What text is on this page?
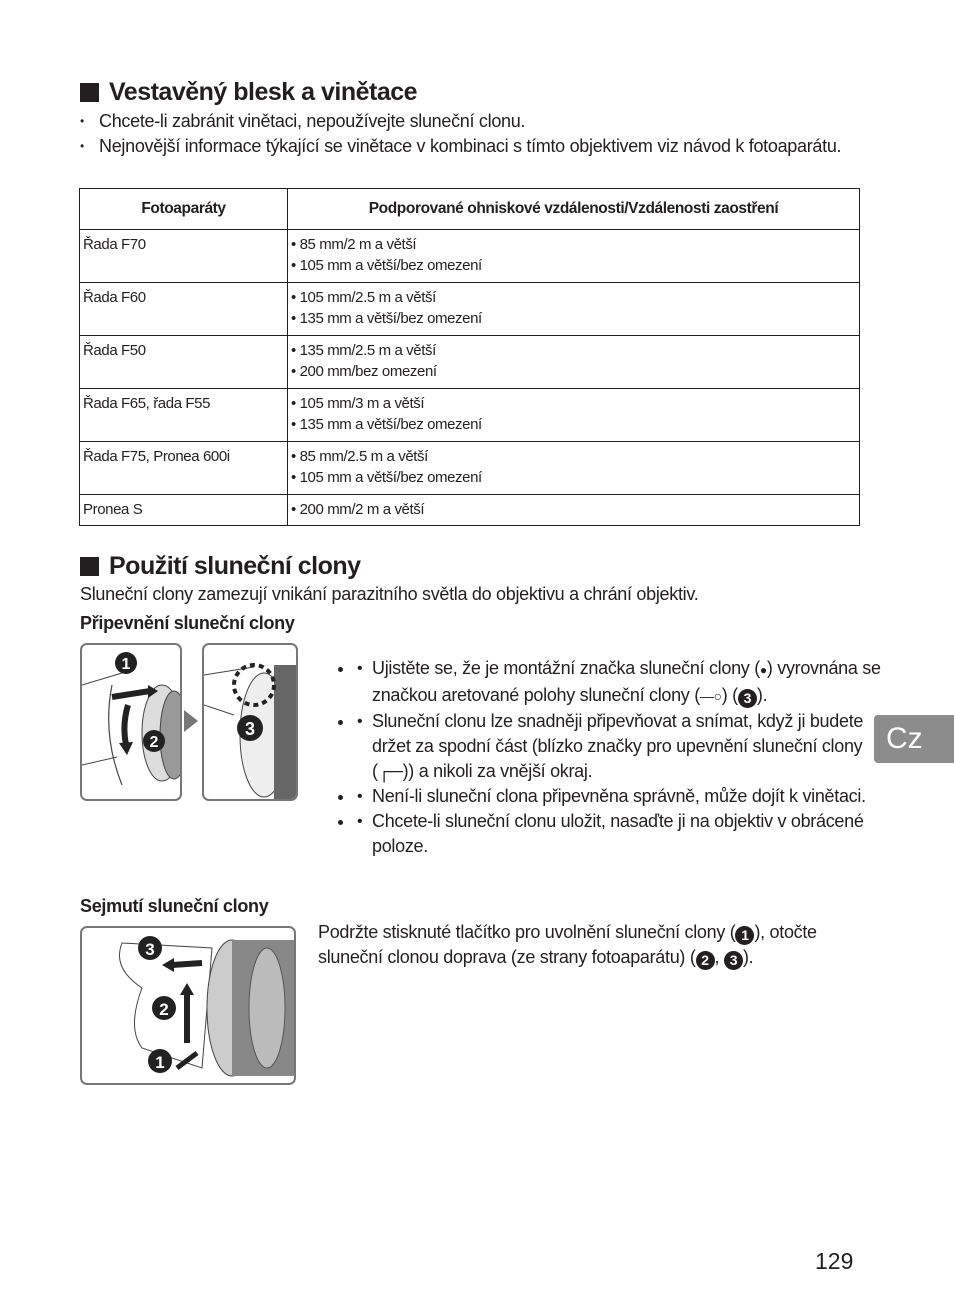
Vestavěný blesk a vinětace
• Chcete-li zabránit vinětaci, nepoužívejte sluneční clonu.
• Nejnovější informace týkající se vinětace v kombinaci s tímto objektivem viz návod k fotoaparátu.
Fotoaparáty	Podporované ohniskové vzdálenosti/Vzdálenosti zaostření
Řada F70	• 85 mm/2 m a větší
• 105 mm a větší/bez omezení

Řada F60	• 105 mm/2.5 m a větší
• 135 mm a větší/bez omezení

Řada F50	• 135 mm/2.5 m a větší
• 200 mm/bez omezení

Řada F65, řada F55	• 105 mm/3 m a větší
• 135 mm a větší/bez omezení

Řada F75, Pronea 600i	• 85 mm/2.5 m a větší
• 105 mm a větší/bez omezení

Pronea S	• 200 mm/2 m a větší
Použití sluneční clony
Sluneční clony zamezují vnikání parazitního světla do objektivu a chrání objektiv.
Připevnění sluneční clony
1
2
3
• • Ujistěte se, že je montážní značka sluneční clony (●) vyrovnána se značkou aretované polohy sluneční clony (—○) ( 3 ).
• • Sluneční clonu lze snadněji připevňovat a snímat, když ji budete držet za spodní část (blízko značky pro upevnění sluneční clony (┌─)) a nikoli za vnější okraj.
• • Není-li sluneční clona připevněna správně, může dojít k vinětaci.
• • Chcete-li sluneční clonu uložit, nasaďte ji na objektiv v obrácené poloze.
Sejmutí sluneční clony
3
2
1
Podržte stisknuté tlačítko pro uvolnění sluneční clony ( 1 ), otočte sluneční clonou doprava (ze strany fotoaparátu) ( 2 , 3 ).
Cz
129
